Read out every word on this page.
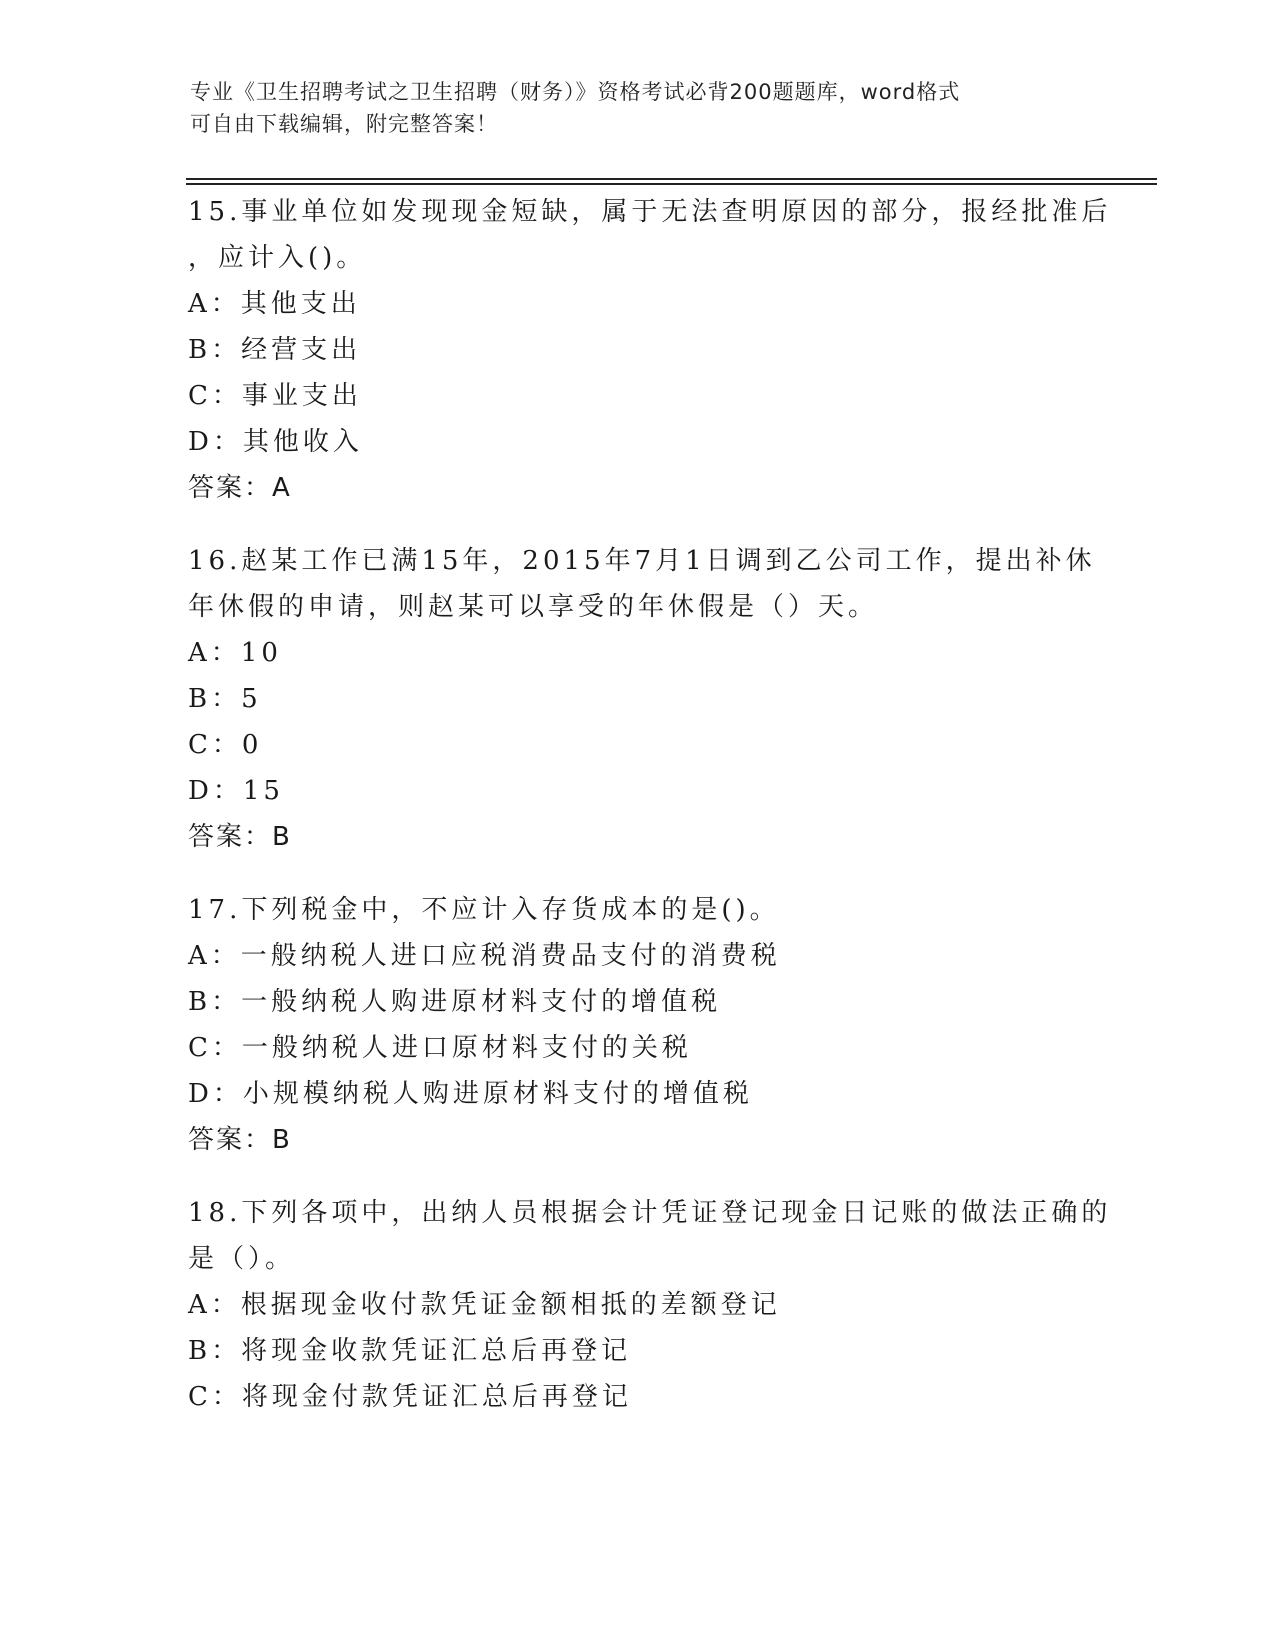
专业《卫生招聘考试之卫生招聘（财务）》资格考试必背200题题库，word格式
可自由下载编辑，附完整答案！
15.事业单位如发现现金短缺，属于无法查明原因的部分，报经批准后
，应计入()。
A：其他支出
B：经营支出
C：事业支出
D：其他收入
答案：A
16.赵某工作已满15年，2015年7月1日调到乙公司工作，提出补休
年休假的申请，则赵某可以享受的年休假是（）天。
A：10
B：5
C：0
D：15
答案：B
17.下列税金中，不应计入存货成本的是()。
A：一般纳税人进口应税消费品支付的消费税
B：一般纳税人购进原材料支付的增值税
C：一般纳税人进口原材料支付的关税
D：小规模纳税人购进原材料支付的增值税
答案：B
18.下列各项中，出纳人员根据会计凭证登记现金日记账的做法正确的
是（）。
A：根据现金收付款凭证金额相抵的差额登记
B：将现金收款凭证汇总后再登记
C：将现金付款凭证汇总后再登记
